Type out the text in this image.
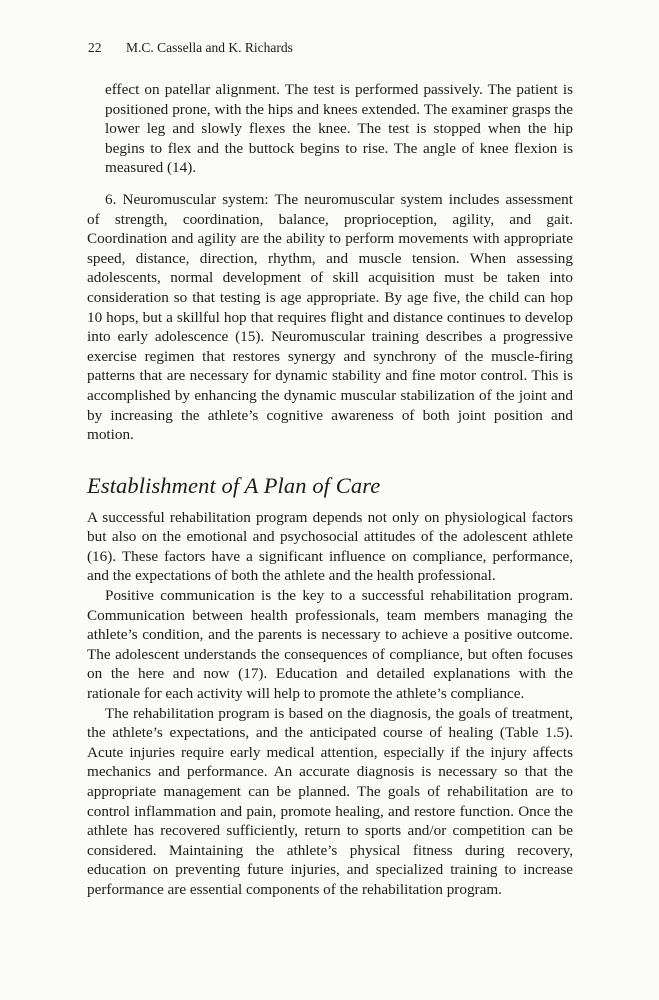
22 M.C. Cassella and K. Richards

effect on patellar alignment. The test is performed passively. The patient is positioned prone, with the hips and knees extended. The examiner grasps the lower leg and slowly flexes the knee. The test is stopped when the hip begins to flex and the buttock begins to rise. The angle of knee flexion is measured (14).

6. Neuromuscular system: The neuromuscular system includes assessment of strength, coordination, balance, proprioception, agility, and gait. Coordination and agility are the ability to perform movements with appropriate speed, distance, direction, rhythm, and muscle tension. When assessing adolescents, normal development of skill acquisition must be taken into consideration so that testing is age appropriate. By age five, the child can hop 10 hops, but a skillful hop that requires flight and distance continues to develop into early adolescence (15). Neuromuscular training describes a progressive exercise regimen that restores synergy and synchrony of the muscle-firing patterns that are necessary for dynamic stability and fine motor control. This is accomplished by enhancing the dynamic muscular stabilization of the joint and by increasing the athlete’s cognitive awareness of both joint position and motion.

Establishment of A Plan of Care

A successful rehabilitation program depends not only on physiological factors but also on the emotional and psychosocial attitudes of the adolescent athlete (16). These factors have a significant influence on compliance, performance, and the expectations of both the athlete and the health professional.

Positive communication is the key to a successful rehabilitation program. Communication between health professionals, team members managing the athlete’s condition, and the parents is necessary to achieve a positive outcome. The adolescent understands the consequences of compliance, but often focuses on the here and now (17). Education and detailed explanations with the rationale for each activity will help to promote the athlete’s compliance.

The rehabilitation program is based on the diagnosis, the goals of treatment, the athlete’s expectations, and the anticipated course of healing (Table 1.5). Acute injuries require early medical attention, especially if the injury affects mechanics and performance. An accurate diagnosis is necessary so that the appropriate management can be planned. The goals of rehabilitation are to control inflammation and pain, promote healing, and restore function. Once the athlete has recovered sufficiently, return to sports and/or competition can be considered. Maintaining the athlete’s physical fitness during recovery, education on preventing future injuries, and specialized training to increase performance are essential components of the rehabilitation program.
